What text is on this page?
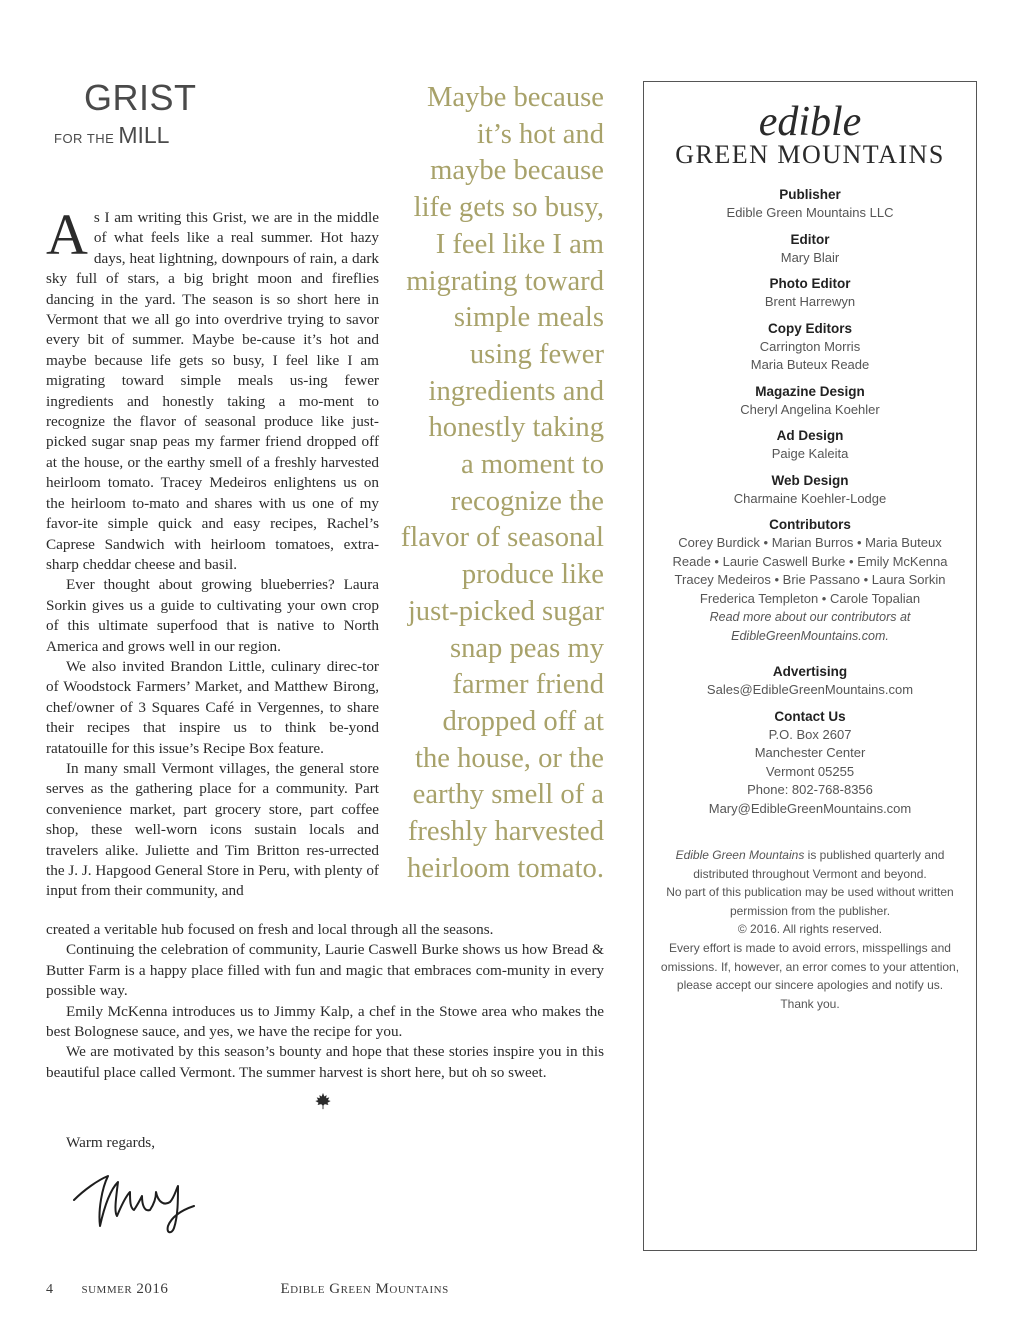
GRIST
FOR THE MILL

As I am writing this Grist, we are in the middle of what feels like a real summer. Hot hazy days, heat lightning, downpours of rain, a dark sky full of stars, a big bright moon and fireflies dancing in the yard. The season is so short here in Vermont that we all go into overdrive trying to savor every bit of summer. Maybe be-cause it’s hot and maybe because life gets so busy, I feel like I am migrating toward simple meals us-ing fewer ingredients and honestly taking a mo-ment to recognize the flavor of seasonal produce like just-picked sugar snap peas my farmer friend dropped off at the house, or the earthy smell of a freshly harvested heirloom tomato. Tracey Medeiros enlightens us on the heirloom to-mato and shares with us one of my favor-ite simple quick and easy recipes, Rachel’s Caprese Sandwich with heirloom tomatoes, extra-sharp cheddar cheese and basil.

Ever thought about growing blueberries? Laura Sorkin gives us a guide to cultivating your own crop of this ultimate superfood that is native to North America and grows well in our region.

We also invited Brandon Little, culinary direc-tor of Woodstock Farmers’ Market, and Matthew Birong, chef/owner of 3 Squares Café in Vergennes, to share their recipes that inspire us to think be-yond ratatouille for this issue’s Recipe Box feature.

In many small Vermont villages, the general store serves as the gathering place for a community. Part convenience market, part grocery store, part coffee shop, these well-worn icons sustain locals and travelers alike. Juliette and Tim Britton res-urrected the J. J. Hapgood General Store in Peru, with plenty of input from their community, and

created a veritable hub focused on fresh and local through all the seasons.

Continuing the celebration of community, Laurie Caswell Burke shows us how Bread & Butter Farm is a happy place filled with fun and magic that embraces com-munity in every possible way.

Emily McKenna introduces us to Jimmy Kalp, a chef in the Stowe area who makes the best Bolognese sauce, and yes, we have the recipe for you.

We are motivated by this season’s bounty and hope that these stories inspire you in this beautiful place called Vermont. The summer harvest is short here, but oh so sweet.

Maybe because
it’s hot and
maybe because
life gets so busy,
I feel like I am
migrating toward
simple meals
using fewer
ingredients and
honestly taking
a moment to
recognize the
flavor of seasonal
produce like
just-picked sugar
snap peas my
farmer friend
dropped off at
the house, or the
earthy smell of a
freshly harvested
heirloom tomato.
Warm regards,
4 summer 2016	Edible Green Mountains
edible
GREEN MOUNTAINS
Publisher
Edible Green Mountains LLC
Editor
Mary Blair
Photo Editor
Brent Harrewyn
Copy Editors
Carrington Morris
Maria Buteux Reade
Magazine Design
Cheryl Angelina Koehler
Ad Design
Paige Kaleita
Web Design
Charmaine Koehler-Lodge
Contributors
Corey Burdick • Marian Burros • Maria Buteux
Reade • Laurie Caswell Burke • Emily McKenna
Tracey Medeiros • Brie Passano • Laura Sorkin
Frederica Templeton • Carole Topalian
Read more about our contributors at
EdibleGreenMountains.com.
Advertising
Sales@EdibleGreenMountains.com
Contact Us
P.O. Box 2607
Manchester Center
Vermont 05255
Phone: 802-768-8356
Mary@EdibleGreenMountains.com
Edible Green Mountains is published quarterly and
distributed throughout Vermont and beyond.
No part of this publication may be used without written
permission from the publisher.
© 2016. All rights reserved.
Every effort is made to avoid errors, misspellings and
omissions. If, however, an error comes to your attention,
please accept our sincere apologies and notify us.
Thank you.
